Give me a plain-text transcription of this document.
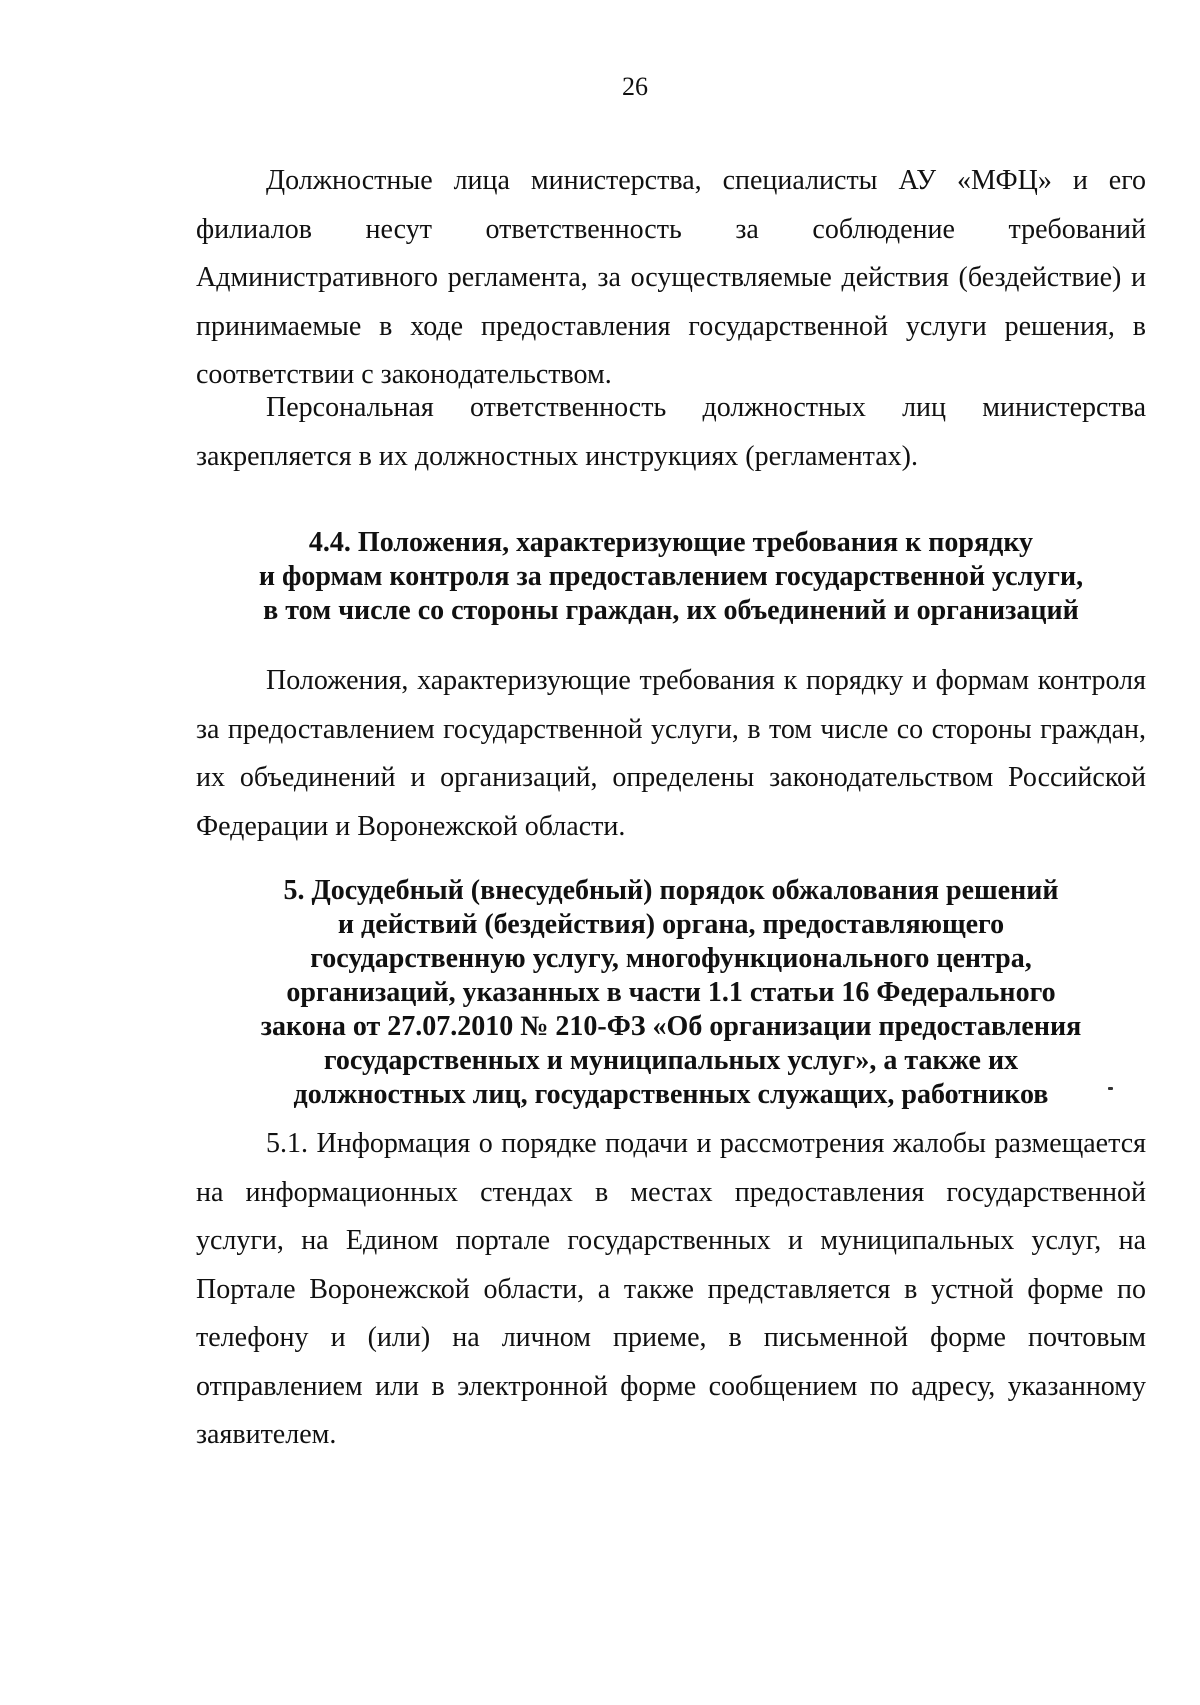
26

Должностные лица министерства, специалисты АУ «МФЦ» и его филиалов несут ответственность за соблюдение требований Административного регламента, за осуществляемые действия (бездействие) и принимаемые в ходе предоставления государственной услуги решения, в соответствии с законодательством.

Персональная ответственность должностных лиц министерства закрепляется в их должностных инструкциях (регламентах).

4.4. Положения, характеризующие требования к порядку
и формам контроля за предоставлением государственной услуги,
в том числе со стороны граждан, их объединений и организаций

Положения, характеризующие требования к порядку и формам контроля за предоставлением государственной услуги, в том числе со стороны граждан, их объединений и организаций, определены законодательством Российской Федерации и Воронежской области.

5. Досудебный (внесудебный) порядок обжалования решений
и действий (бездействия) органа, предоставляющего
государственную услугу, многофункционального центра,
организаций, указанных в части 1.1 статьи 16 Федерального
закона от 27.07.2010 № 210-ФЗ «Об организации предоставления
государственных и муниципальных услуг», а также их
должностных лиц, государственных служащих, работников

5.1. Информация о порядке подачи и рассмотрения жалобы размещается на информационных стендах в местах предоставления государственной услуги, на Едином портале государственных и муниципальных услуг, на Портале Воронежской области, а также представляется в устной форме по телефону и (или) на личном приеме, в письменной форме почтовым отправлением или в электронной форме сообщением по адресу, указанному заявителем.
